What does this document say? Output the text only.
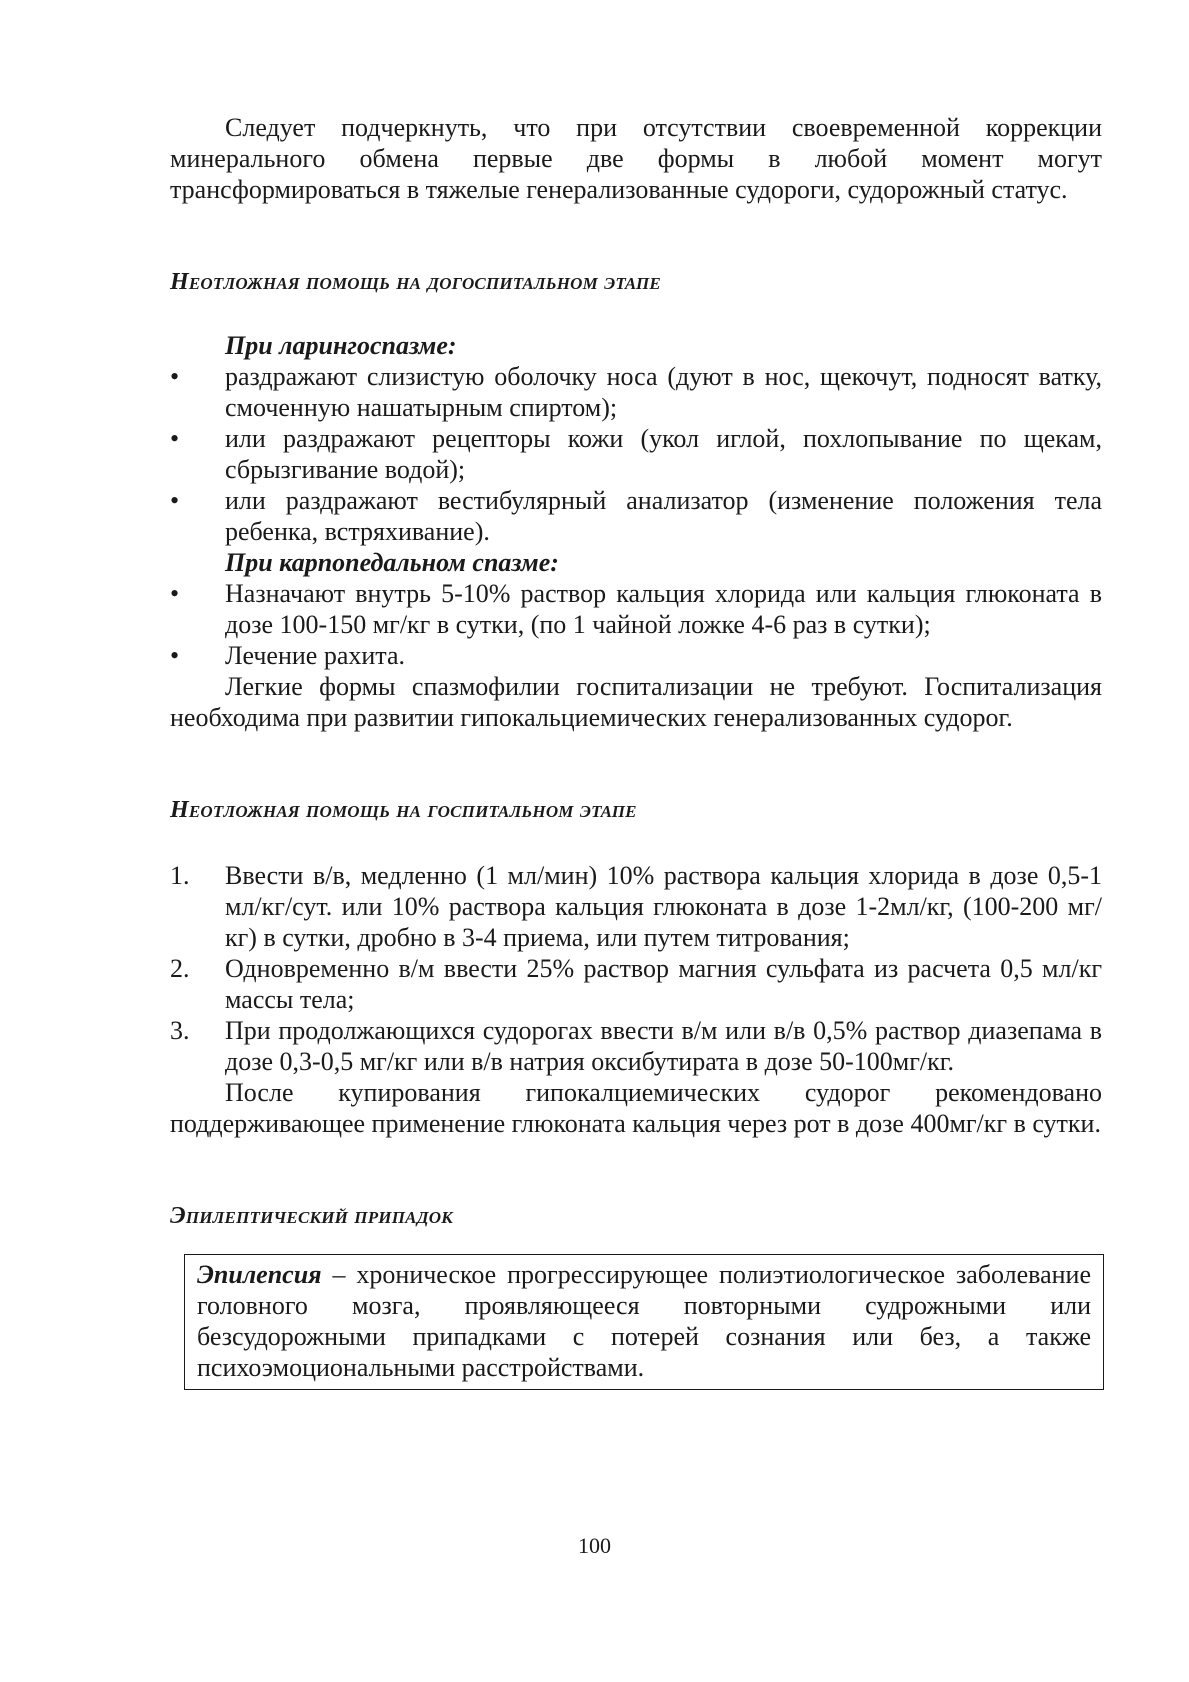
Следует подчеркнуть, что при отсутствии своевременной коррекции минерального обмена первые две формы в любой момент могут трансформироваться в тяжелые генерализованные судороги, судорожный статус.

Неотложная помощь на догоспитальном этапе

При ларингоспазме:

•	раздражают слизистую оболочку носа (дуют в нос, щекочут, подносят ватку, смоченную нашатырным спиртом);
•	или раздражают рецепторы кожи (укол иглой, похлопывание по щекам, сбрызгивание водой);
•	или раздражают вестибулярный анализатор (изменение положения тела ребенка, встряхивание).

При карпопедальном спазме:

•	Назначают внутрь 5-10% раствор кальция хлорида или кальция глюконата в дозе 100-150 мг/кг в сутки, (по 1 чайной ложке 4-6 раз в сутки);
•	Лечение рахита.

Легкие формы спазмофилии госпитализации не требуют. Госпитализация необходима при развитии гипокальциемических генерализованных судорог.

Неотложная помощь на госпитальном этапе

1.	Ввести в/в, медленно (1 мл/мин) 10% раствора кальция хлорида в дозе 0,5-1 мл/кг/сут. или 10% раствора кальция глюконата в дозе 1-2мл/кг, (100-200 мг/кг) в сутки, дробно в 3-4 приема, или путем титрования;
2.	Одновременно в/м ввести 25% раствор магния сульфата из расчета 0,5 мл/кг массы тела;
3.	При продолжающихся судорогах ввести в/м или в/в 0,5% раствор диазепама в дозе 0,3-0,5 мг/кг или в/в натрия оксибутирата в дозе 50-100мг/кг.

После купирования гипокалциемических судорог рекомендовано поддерживающее применение глюконата кальция через рот в дозе 400мг/кг в сутки.

Эпилептический припадок

Эпилепсия – хроническое прогрессирующее полиэтиологическое заболевание головного мозга, проявляющееся повторными судрожными или безсудорожными припадками с потерей сознания или без, а также психоэмоциональными расстройствами.
100
